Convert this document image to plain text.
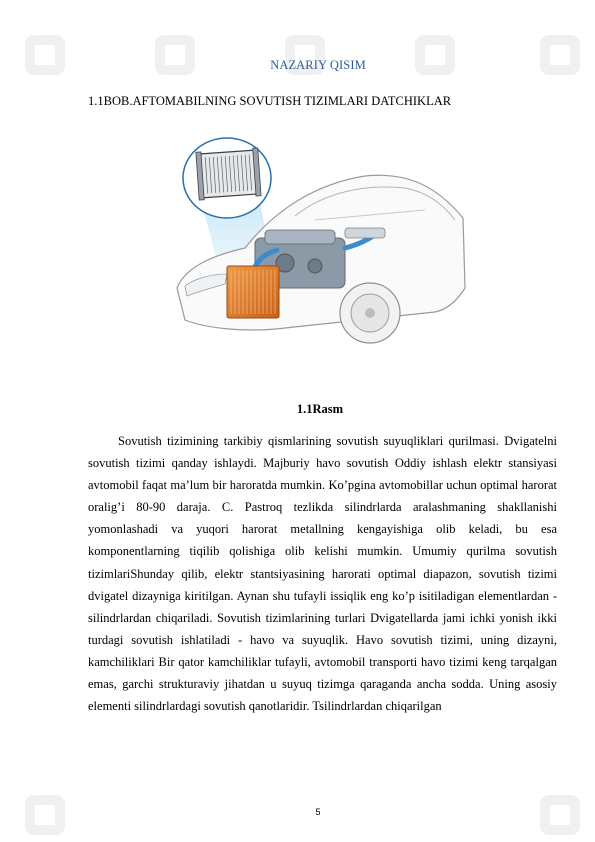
NAZARIY QISIM
1.1BOB.AFTOMABILNING SOVUTISH TIZIMLARI DATCHIKLAR
1.1Rasm

Sovutish tizimining tarkibiy qismlarining sovutish suyuqliklari qurilmasi. Dvigatelni sovutish tizimi qanday ishlaydi. Majburiy havo sovutish Oddiy ishlash elektr stansiyasi avtomobil faqat ma’lum bir haroratda mumkin. Ko’pgina avtomobillar uchun optimal harorat oralig’i 80-90 daraja. C. Pastroq tezlikda silindrlarda aralashmaning shakllanishi yomonlashadi va yuqori harorat metallning kengayishiga olib keladi, bu esa komponentlarning tiqilib qolishiga olib kelishi mumkin. Umumiy qurilma sovutish tizimlariShunday qilib, elektr stantsiyasining harorati optimal diapazon, sovutish tizimi dvigatel dizayniga kiritilgan. Aynan shu tufayli issiqlik eng ko’p isitiladigan elementlardan - silindrlardan chiqariladi. Sovutish tizimlarining turlari Dvigatellarda jami ichki yonish ikki turdagi sovutish ishlatiladi - havo va suyuqlik. Havo sovutish tizimi, uning dizayni, kamchiliklari Bir qator kamchiliklar tufayli, avtomobil transporti havo tizimi keng tarqalgan emas, garchi strukturaviy jihatdan u suyuq tizimga qaraganda ancha sodda. Uning asosiy elementi silindrlardagi sovutish qanotlaridir. Tsilindrlardan chiqarilgan

5
